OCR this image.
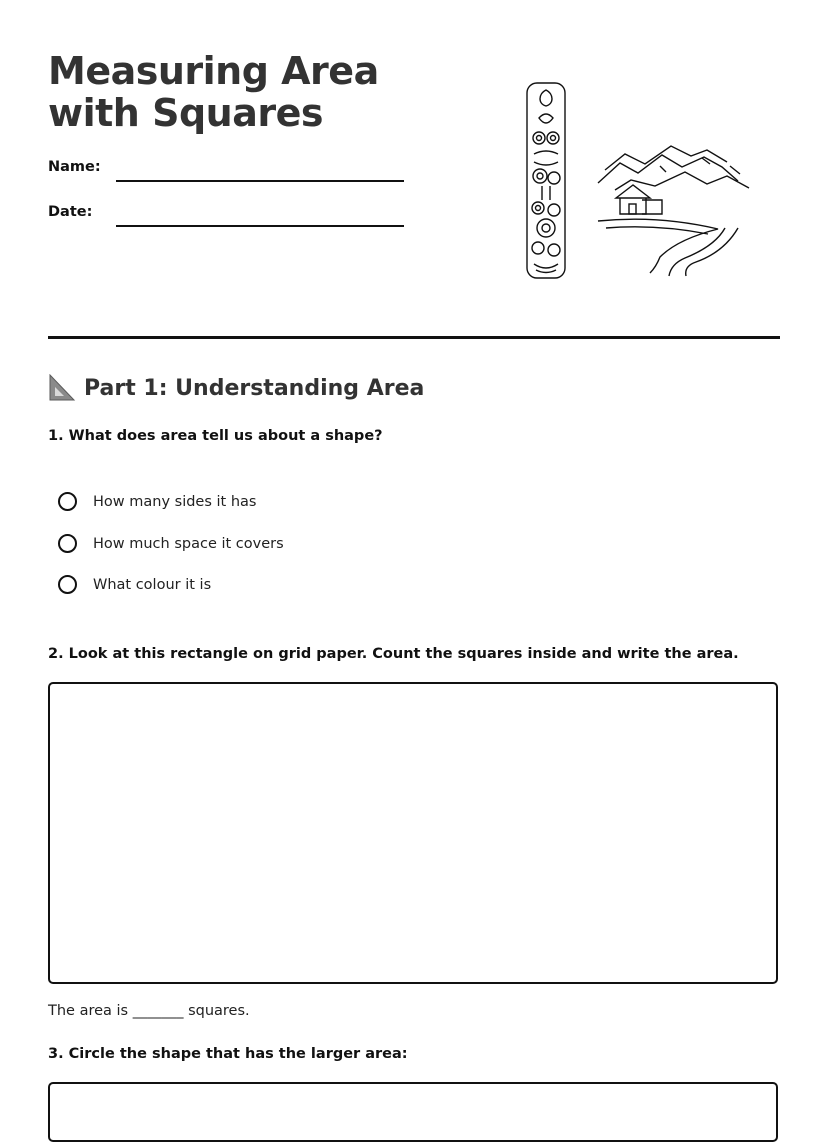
Measuring Area with Squares
Name:
Date:
Part 1: Understanding Area
1. What does area tell us about a shape?
How many sides it has
How much space it covers
What colour it is
2. Look at this rectangle on grid paper. Count the squares inside and write the area.
The area is _______ squares.
3. Circle the shape that has the larger area:
